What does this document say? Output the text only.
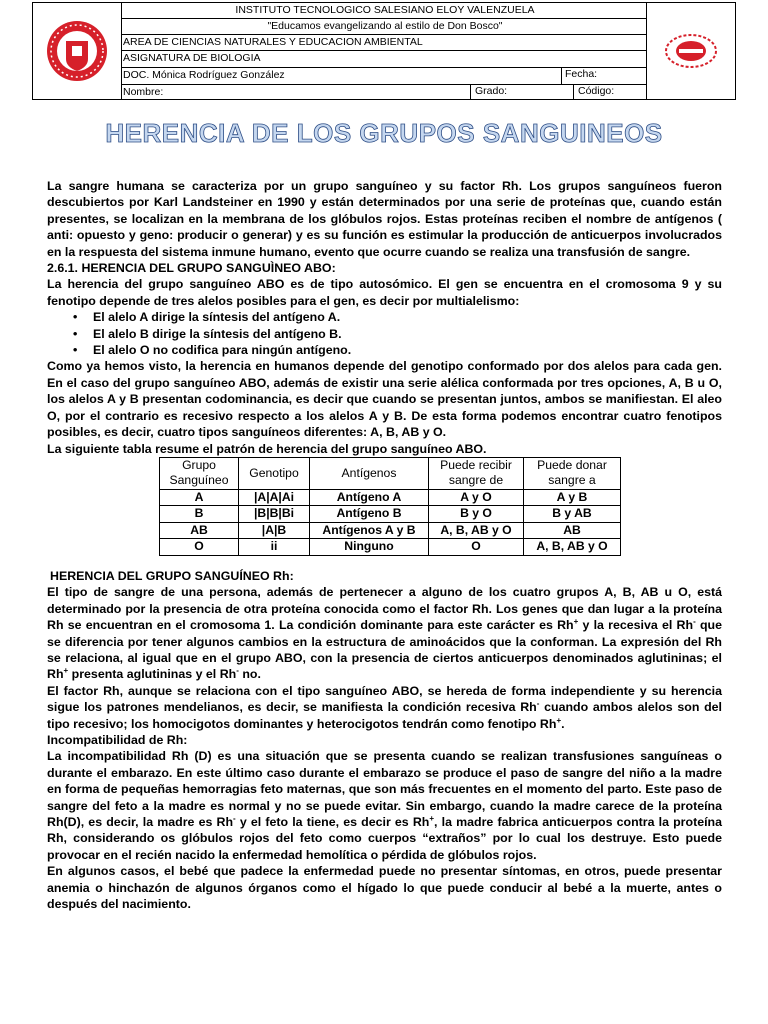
INSTITUTO TECNOLOGICO SALESIANO ELOY VALENZUELA
"Educamos evangelizando al estilo de Don Bosco"
AREA DE CIENCIAS NATURALES Y EDUCACION AMBIENTAL
ASIGNATURA DE BIOLOGIA
DOC. Mónica Rodríguez González	Fecha:
Nombre:	Grado:	Código:
HERENCIA DE LOS GRUPOS SANGUINEOS

La sangre humana se caracteriza por un grupo sanguíneo y su factor Rh. Los grupos sanguíneos fueron descubiertos por Karl Landsteiner en 1990 y están determinados por una serie de proteínas que, cuando están presentes, se localizan en la membrana de los glóbulos rojos. Estas proteínas reciben el nombre de antígenos ( anti: opuesto y geno: producir o generar) y es su función es estimular la producción de anticuerpos involucrados en la respuesta del sistema inmune humano, evento que ocurre cuando se realiza una transfusión de sangre.

2.6.1. HERENCIA DEL GRUPO SANGUÌNEO ABO:

La herencia del grupo sanguíneo ABO es de tipo autosómico. El gen se encuentra en el cromosoma 9 y su fenotipo depende de tres alelos posibles para el gen, es decir por multialelismo:

• El alelo A dirige la síntesis del antígeno A.
• El alelo B dirige la síntesis del antígeno B.
• El alelo O no codifica para ningún antígeno.

Como ya hemos visto, la herencia en humanos depende del genotipo conformado por dos alelos para cada gen. En el caso del grupo sanguíneo ABO, además de existir una serie alélica conformada por tres opciones, A, B u O, los alelos A y B presentan codominancia, es decir que cuando se presentan juntos, ambos se manifiestan. El aleo O, por el contrario es recesivo respecto a los alelos A y B. De esta forma podemos encontrar cuatro fenotipos posibles, es decir, cuatro tipos sanguíneos diferentes: A, B, AB y O.

La siguiente tabla resume el patrón de herencia del grupo sanguíneo ABO.

Grupo Sanguíneo	Genotipo	Antígenos	Puede recibir sangre de	Puede donar sangre a
A	|A|A|Ai	Antígeno A	A y O	A y B
B	|B|B|Bi	Antígeno B	B y O	B y AB
AB	|A|B	Antígenos A y B	A, B, AB y O	AB
O	ii	Ninguno	O	A, B, AB y O

HERENCIA DEL GRUPO SANGUÍNEO Rh:

El tipo de sangre de una persona, además de pertenecer a alguno de los cuatro grupos A, B, AB u O, está determinado por la presencia de otra proteína conocida como el factor Rh. Los genes que dan lugar a la proteína Rh se encuentran en el cromosoma 1. La condición dominante para este carácter es Rh+ y la recesiva el Rh- que se diferencia por tener algunos cambios en la estructura de aminoácidos que la conforman. La expresión del Rh se relaciona, al igual que en el grupo ABO, con la presencia de ciertos anticuerpos denominados aglutininas; el Rh+ presenta aglutininas y el Rh- no.

El factor Rh, aunque se relaciona con el tipo sanguíneo ABO, se hereda de forma independiente y su herencia sigue los patrones mendelianos, es decir, se manifiesta la condición recesiva Rh- cuando ambos alelos son del tipo recesivo; los homocigotos dominantes y heterocigotos tendrán como fenotipo Rh+.

Incompatibilidad de Rh:

La incompatibilidad Rh (D) es una situación que se presenta cuando se realizan transfusiones sanguíneas o durante el embarazo. En este último caso durante el embarazo se produce el paso de sangre del niño a la madre en forma de pequeñas hemorragias feto maternas, que son más frecuentes en el momento del parto. Este paso de sangre del feto a la madre es normal y no se puede evitar. Sin embargo, cuando la madre carece de la proteína Rh(D), es decir, la madre es Rh- y el feto la tiene, es decir es Rh+, la madre fabrica anticuerpos contra la proteína Rh, considerando os glóbulos rojos del feto como cuerpos “extraños” por lo cual los destruye. Esto puede provocar en el recién nacido la enfermedad hemolítica o pérdida de glóbulos rojos.

En algunos casos, el bebé que padece la enfermedad puede no presentar síntomas, en otros, puede presentar anemia o hinchazón de algunos órganos como el hígado lo que puede conducir al bebé a la muerte, antes o después del nacimiento.
